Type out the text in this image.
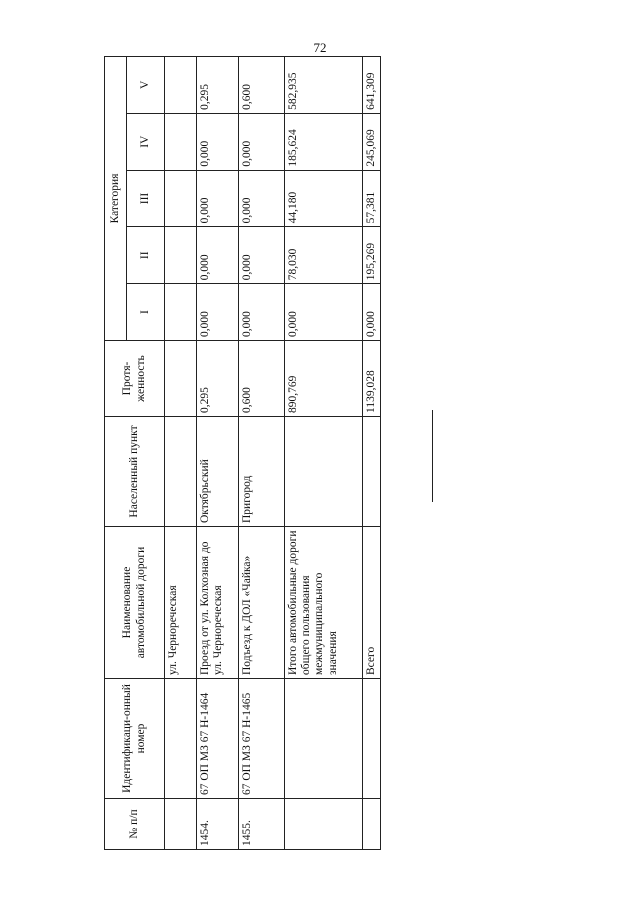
72
№ п/п	Идентификаци-онный номер	Наименование автомобильной дороги	Населенный пункт	Протя-женность	Категория				
					I	II	III	IV	V
		ул. Чернореческая							
1454.	67 ОП МЗ 67 Н-1464	Проезд от ул. Колхозная до ул. Чернореческая	Октябрьский	0,295	0,000	0,000	0,000	0,000	0,295
1455.	67 ОП МЗ 67 Н-1465	Подъезд к ДОЛ «Чайка»	Пригород	0,600	0,000	0,000	0,000	0,000	0,600
		Итого автомобильные дороги общего пользования межмуниципального значения		890,769	0,000	78,030	44,180	185,624	582,935
		Всего		1139,028	0,000	195,269	57,381	245,069	641,309
